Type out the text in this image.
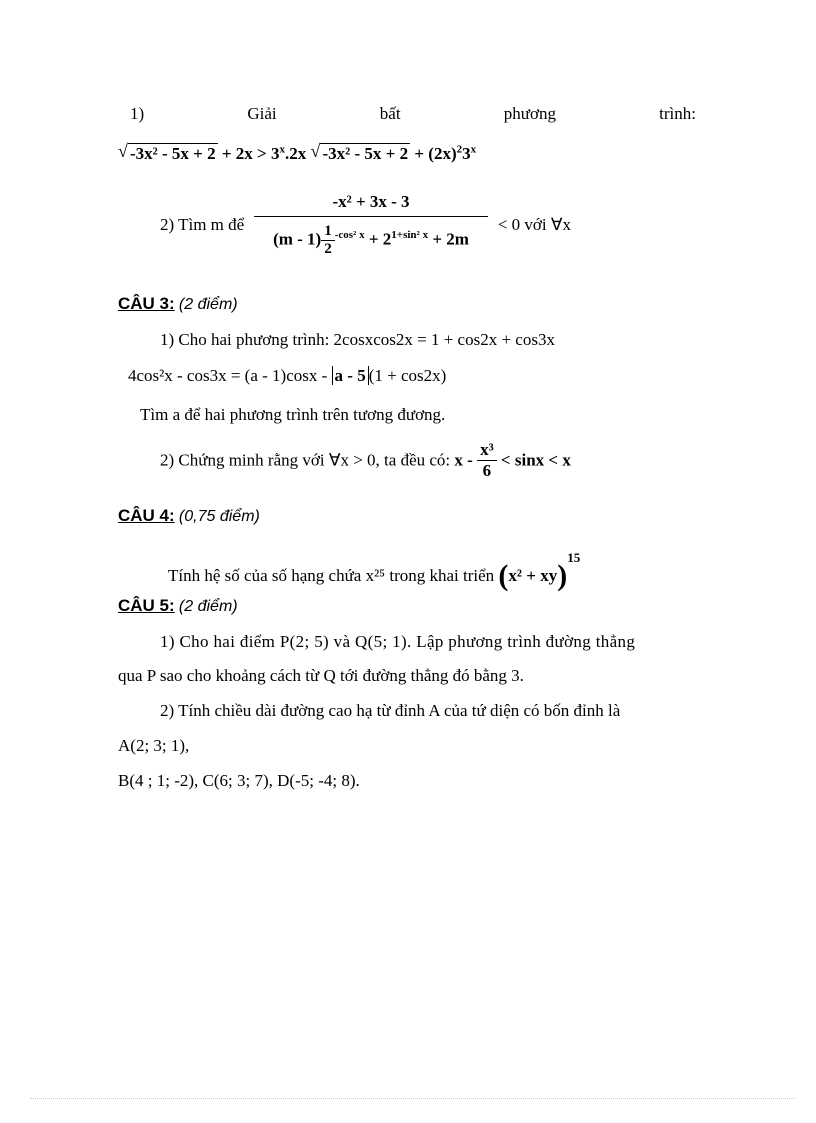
1)	Giải	bất	phương	trình:
√ $-3x^2 - 5x + 2 + 2x > 3^x.2x$ √ $-3x^2 - 5x + 2 + (2x)^23^x$
2) Tìm m để $\frac{\text{-x² + 3x - 3}}{(m - 1) \frac{1}{2} ^{-cos^2 x} + 2^{1+sin^2 x} + 2m} < 0$ với ∀x
CÂU 3: (2 điểm)
1) Cho hai phương trình: 2cosxcos2x = 1 + cos2x + cos3x
4cos²x - cos3x = (a - 1)cosx - a - 5 (1 + cos2x)
Tìm a để hai phương trình trên tương đương.
2) Chứng minh rằng với ∀x > 0, ta đều có: $x - \frac{\text{x³}}{6} < \sin x < x$
CÂU 4: (0,75 điểm)
Tính hệ số của số hạng chứa x²⁵ trong khai triển (x² + xy)$^{15}$
CÂU 5: (2 điểm)
1) Cho hai điểm P(2; 5) và Q(5; 1). Lập phương trình đường thẳng
qua P sao cho khoảng cách từ Q tới đường thẳng đó bằng 3.
2) Tính chiều dài đường cao hạ từ đỉnh A của tứ diện có bốn đỉnh là
A(2; 3; 1),
B(4 ; 1; -2), C(6; 3; 7), D(-5; -4; 8).
